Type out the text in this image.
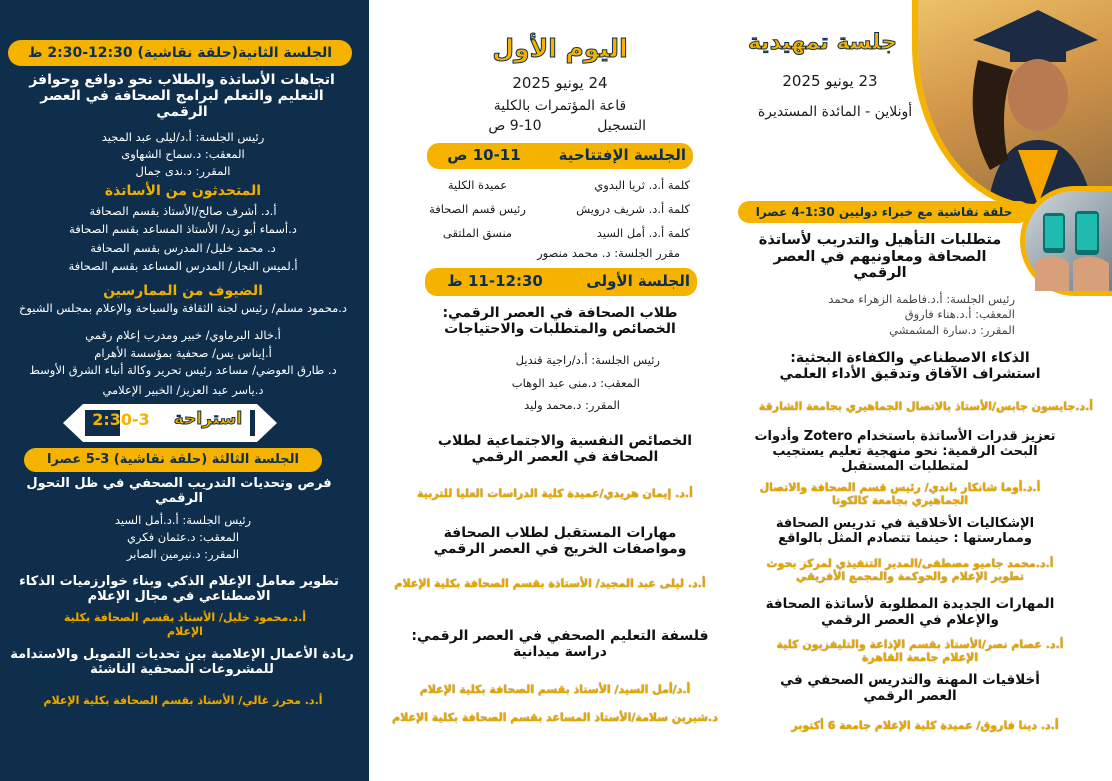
الجلسة الثانية(حلقة نقاشية) 12:30-2:30 ظ
اتجاهات الأساتذة والطلاب نحو دوافع وحوافز التعليم والتعلم لبرامج الصحافة في العصر الرقمي
رئيس الجلسة: أ.د/ليلى عبد المجيد
المعقب: د.سماح الشهاوى
المقرر: د.ندى جمال
المتحدثون من الأساتذة
أ.د. أشرف صالح/الأستاذ بقسم الصحافة
د.أسماء أبو زيد/ الأستاذ المساعد بقسم الصحافة
د. محمد خليل/ المدرس بقسم الصحافة
أ.لميس النجار/ المدرس المساعد بقسم الصحافة
الضيوف من الممارسين
د.محمود مسلم/ رئيس لجنة الثقافة والسياحة والإعلام بمجلس الشيوخ
أ.خالد البرماوي/ خبير ومدرب إعلام رقمي
أ.إيناس يس/ صحفية بمؤسسة الأهرام
د. طارق العوضي/ مساعد رئيس تحرير وكالة أنباء الشرق الأوسط
د.ياسر عبد العزيز/ الخبير الإعلامي
استراحة
2:30-3
الجلسة الثالثة (حلقة نقاشية) 3-5 عصرا
فرص وتحديات التدريب الصحفي في ظل التحول الرقمي
رئيس الجلسة: أ.د.أمل السيد
المعقب: د.عثمان فكري
المقرر: د.نيرمين الصابر
تطوير معامل الإعلام الذكي وبناء خوارزميات الذكاء الاصطناعي في مجال الإعلام
أ.د.محمود خليل/ الأستاذ بقسم الصحافة بكلية الإعلام
ريادة الأعمال الإعلامية بين تحديات التمويل والاستدامة للمشروعات الصحفية الناشئة
أ.د. محرز غالي/ الأستاذ بقسم الصحافة بكلية الإعلام
اليوم الأول
24 يونيو 2025
قاعة المؤتمرات بالكلية
التسجيل
9-10 ص
الجلسة الإفتتاحية
10-11 ص
كلمة أ.د. ثريا البدوي
عميدة الكلية
كلمة أ.د. شريف درويش
رئيس قسم الصحافة
كلمة أ.د. أمل السيد
منسق الملتقى
مقرر الجلسة: د. محمد منصور
الجلسة الأولى
11-12:30 ظ
طلاب الصحافة في العصر الرقمي: الخصائص والمتطلبات والاحتياجات
رئيس الجلسة: أ.د/راجية قنديل
المعقب: د.منى عبد الوهاب
المقرر: د.محمد وليد
الخصائص النفسية والاجتماعية لطلاب الصحافة في العصر الرقمي
أ.د. إيمان هريدي/عميدة كلية الدراسات العليا للتربية
مهارات المستقبل لطلاب الصحافة ومواصفات الخريج في العصر الرقمي
أ.د. ليلى عبد المجيد/ الأستاذة بقسم الصحافة بكلية الإعلام
فلسفة التعليم الصحفي في العصر الرقمي: دراسة ميدانية
أ.د/أمل السيد/ الأستاذ بقسم الصحافة بكلية الإعلام
د.شيرين سلامة/الأستاذ المساعد بقسم الصحافة بكلية الإعلام
جلسة تمهيدية
23 يونيو 2025
أونلاين - المائدة المستديرة
حلقة نقاشية مع خبراء دوليين 1:30-4 عصرا
متطلبات التأهيل والتدريب لأساتذة الصحافة ومعاونيهم في العصر الرقمي
رئيس الجلسة: أ.د.فاطمة الزهراء محمد
المعقب: أ.د.هناء فاروق
المقرر: د.سارة المشمشي
الذكاء الاصطناعي والكفاءة البحثية: استشراف الآفاق وتدقيق الأداء العلمي
أ.د.جايسون جابس/الأستاذ بالاتصال الجماهيري بجامعة الشارقة
تعزيز قدرات الأساتذة باستخدام Zotero وأدوات البحث الرقمية: نحو منهجية تعليم يستجيب لمتطلبات المستقبل
أ.د.أوما شانكار باندي/ رئيس قسم الصحافة والاتصال الجماهيري بجامعة كالكوتا
الإشكاليات الأخلاقية في تدريس الصحافة وممارستها : حينما تتصادم المثل بالواقع
أ.د.محمد جاميو مصطفى/المدير التنفيذي لمركز بحوث تطوير الإعلام والحوكمة والمجمع الأفريقي
المهارات الجديدة المطلوبة لأساتذة الصحافة والإعلام في العصر الرقمي
أ.د. عصام نصر/الأستاذ بقسم الإذاعة والتليفزيون كلية الإعلام جامعة القاهرة
أخلاقيات المهنة والتدريس الصحفي في العصر الرقمي
أ.د. دينا فاروق/ عميدة كلية الإعلام جامعة 6 أكتوبر
